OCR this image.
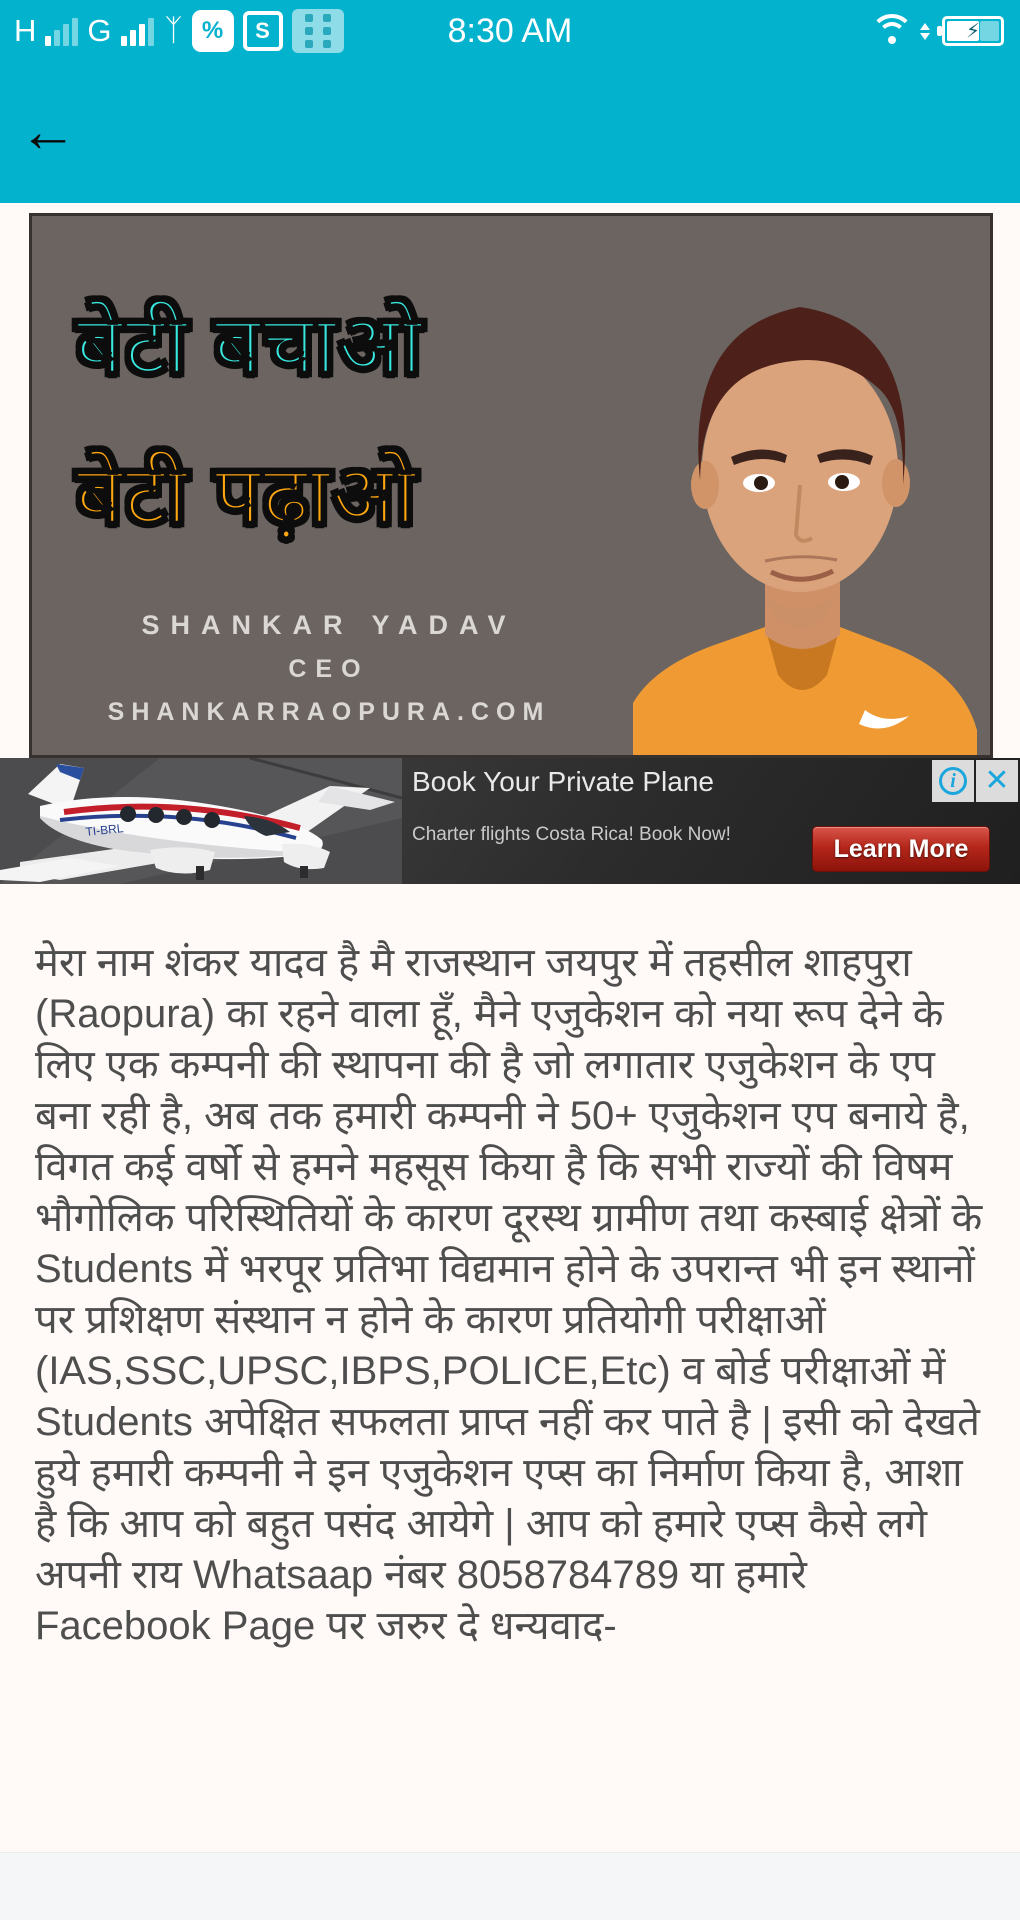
H G ᛉ %	S	8:30 AM	⚡
←
बेटी बचाओ
बेटी पढ़ाओ
SHANKAR YADAV
CEO
SHANKARRAOPURA.COM
TI-BRL
Book Your Private Plane
Charter flights Costa Rica! Book Now!	Learn More
i ✕
मेरा नाम शंकर यादव है मै राजस्थान जयपुर में तहसील शाहपुरा (Raopura) का रहने वाला हूँ, मैने एजुकेशन को नया रूप देने के लिए एक कम्पनी की स्थापना की है जो लगातार एजुकेशन के एप बना रही है, अब तक हमारी कम्पनी ने 50+ एजुकेशन एप बनाये है, विगत कई वर्षो से हमने महसूस किया है कि सभी राज्यों की विषम भौगोलिक परिस्थितियों के कारण दूरस्थ ग्रामीण तथा कस्बाई क्षेत्रों के Students में भरपूर प्रतिभा विद्यमान होने के उपरान्त भी इन स्थानों पर प्रशिक्षण संस्थान न होने के कारण प्रतियोगी परीक्षाओं (IAS,SSC,UPSC,IBPS,POLICE,Etc) व बोर्ड परीक्षाओं में Students अपेक्षित सफलता प्राप्त नहीं कर पाते है | इसी को देखते हुये हमारी कम्पनी ने इन एजुकेशन एप्स का निर्माण किया है, आशा है कि आप को बहुत पसंद आयेगे | आप को हमारे एप्स कैसे लगे अपनी राय Whatsaap नंबर 8058784789 या हमारे Facebook Page पर जरुर दे धन्यवाद-
